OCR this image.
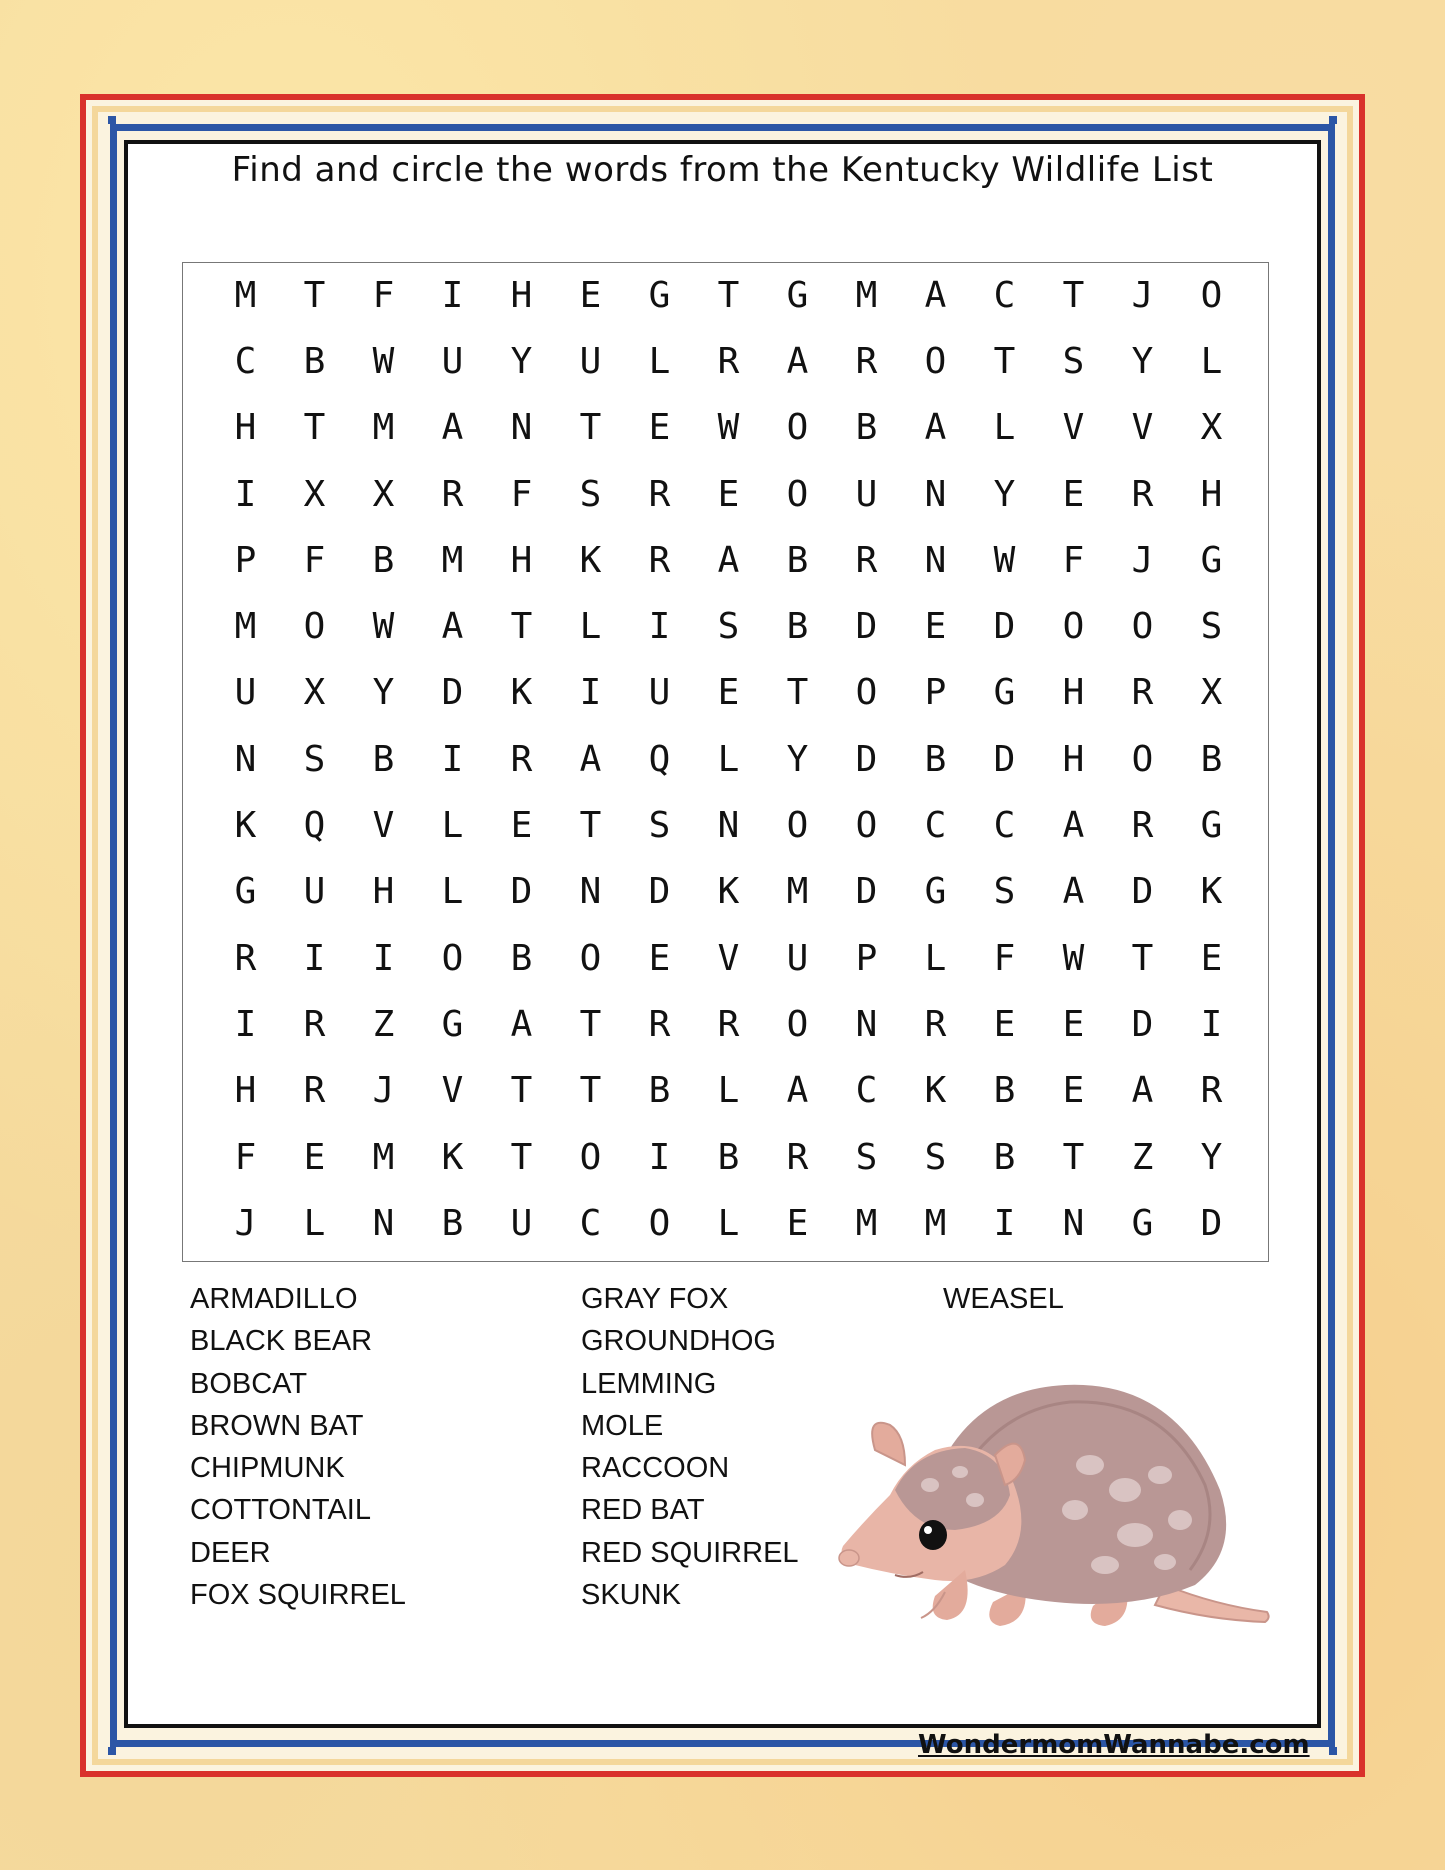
Find and circle the words from the Kentucky Wildlife List
M	T	F	I	H	E	G	T	G	M	A	C	T	J	O
C	B	W	U	Y	U	L	R	A	R	O	T	S	Y	L
H	T	M	A	N	T	E	W	O	B	A	L	V	V	X
I	X	X	R	F	S	R	E	O	U	N	Y	E	R	H
P	F	B	M	H	K	R	A	B	R	N	W	F	J	G
M	O	W	A	T	L	I	S	B	D	E	D	O	O	S
U	X	Y	D	K	I	U	E	T	O	P	G	H	R	X
N	S	B	I	R	A	Q	L	Y	D	B	D	H	O	B
K	Q	V	L	E	T	S	N	O	O	C	C	A	R	G
G	U	H	L	D	N	D	K	M	D	G	S	A	D	K
R	I	I	O	B	O	E	V	U	P	L	F	W	T	E
I	R	Z	G	A	T	R	R	O	N	R	E	E	D	I
H	R	J	V	T	T	B	L	A	C	K	B	E	A	R
F	E	M	K	T	O	I	B	R	S	S	B	T	Z	Y
J	L	N	B	U	C	O	L	E	M	M	I	N	G	D
ARMADILLO
BLACK BEAR
BOBCAT
BROWN BAT
CHIPMUNK
COTTONTAIL
DEER
FOX SQUIRREL
GRAY FOX
GROUNDHOG
LEMMING
MOLE
RACCOON
RED BAT
RED SQUIRREL
SKUNK
WEASEL
WondermomWannabe.com
